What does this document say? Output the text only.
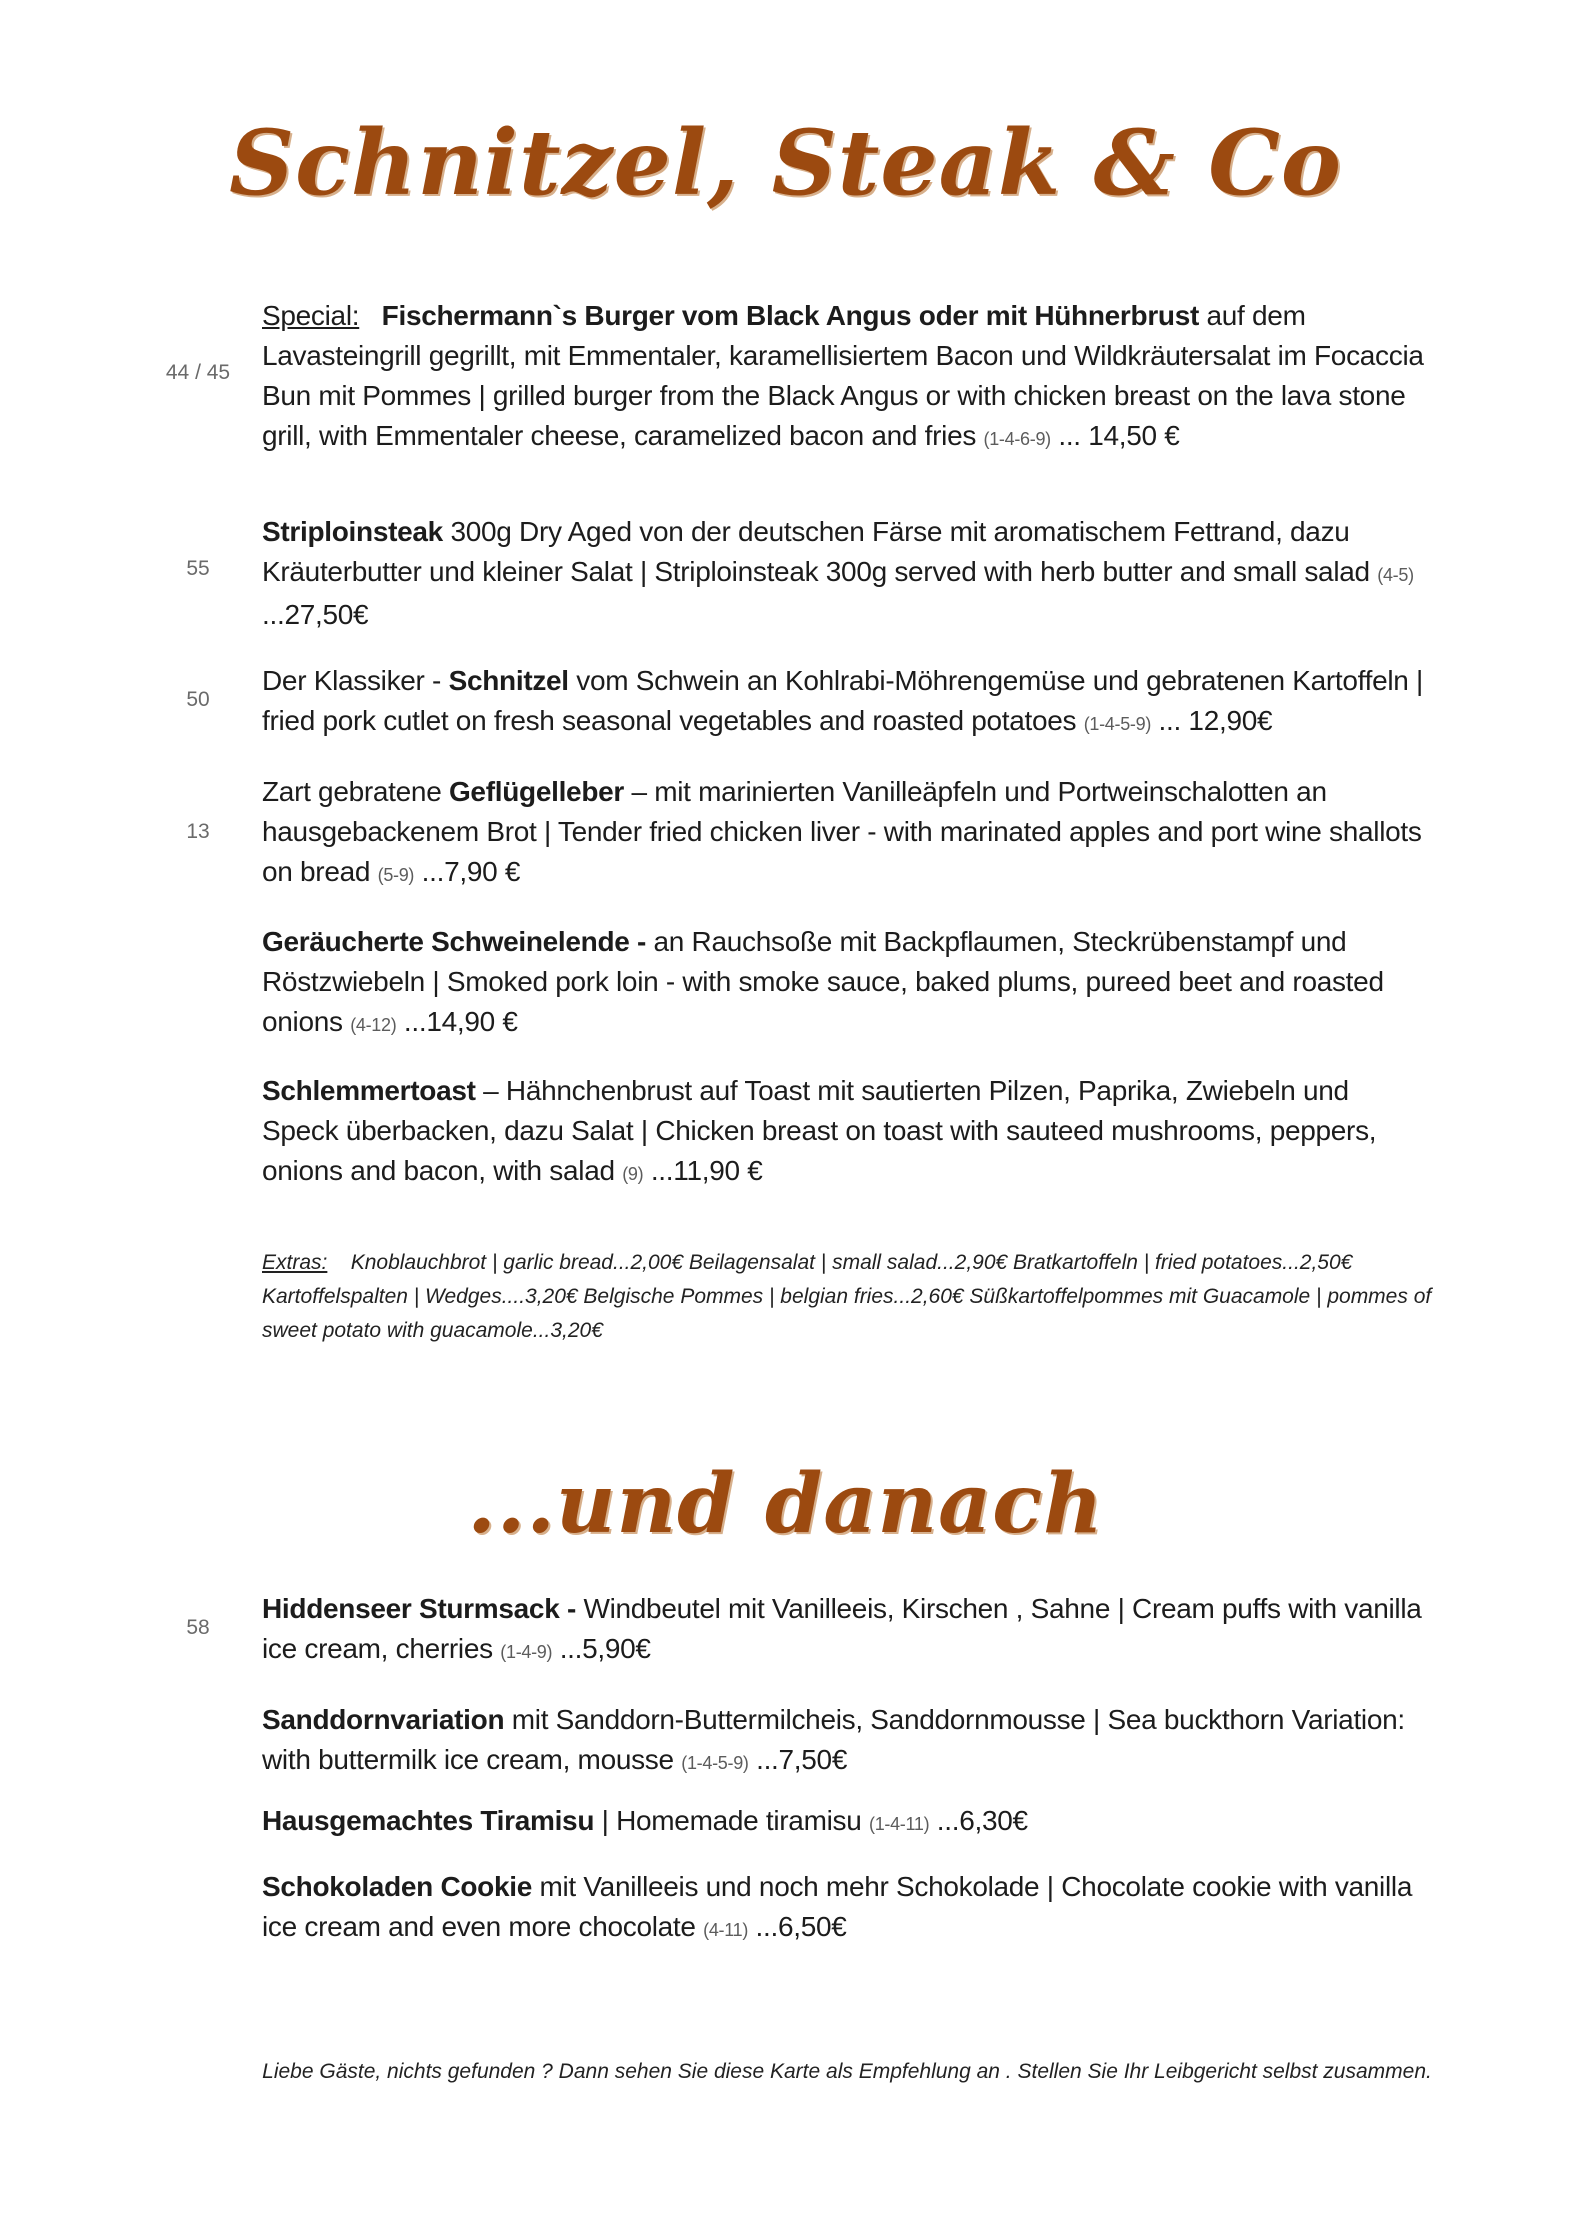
Schnitzel, Steak & Co
44 / 45

Special: Fischermann`s Burger vom Black Angus oder mit Hühnerbrust auf dem Lavasteingrill gegrillt, mit Emmentaler, karamellisiertem Bacon und Wildkräutersalat im Focaccia Bun mit Pommes | grilled burger from the Black Angus or with chicken breast on the lava stone grill, with Emmentaler cheese, caramelized bacon and fries (1-4-6-9) ... 14,50 €

55

Striploinsteak 300g Dry Aged von der deutschen Färse mit aromatischem Fettrand, dazu Kräuterbutter und kleiner Salat | Striploinsteak 300g served with herb butter and small salad (4-5) ...27,50€

50

Der Klassiker - Schnitzel vom Schwein an Kohlrabi-Möhrengemüse und gebratenen Kartoffeln | fried pork cutlet on fresh seasonal vegetables and roasted potatoes (1-4-5-9) ... 12,90€

13

Zart gebratene Geflügelleber – mit marinierten Vanilleäpfeln und Portweinschalotten an hausgebackenem Brot | Tender fried chicken liver - with marinated apples and port wine shallots on bread (5-9) ...7,90 €

Geräucherte Schweinelende - an Rauchsoße mit Backpflaumen, Steckrübenstampf und Röstzwiebeln | Smoked pork loin - with smoke sauce, baked plums, pureed beet and roasted onions (4-12) ...14,90 €

Schlemmertoast – Hähnchenbrust auf Toast mit sautierten Pilzen, Paprika, Zwiebeln und Speck überbacken, dazu Salat | Chicken breast on toast with sauteed mushrooms, peppers, onions and bacon, with salad (9) ...11,90 €

Extras: Knoblauchbrot | garlic bread...2,00€ Beilagensalat | small salad...2,90€ Bratkartoffeln | fried potatoes...2,50€ Kartoffelspalten | Wedges....3,20€ Belgische Pommes | belgian fries...2,60€ Süßkartoffelpommes mit Guacamole | pommes of sweet potato with guacamole...3,20€

...und danach
58

Hiddenseer Sturmsack - Windbeutel mit Vanilleeis, Kirschen , Sahne | Cream puffs with vanilla ice cream, cherries (1-4-9) ...5,90€

Sanddornvariation mit Sanddorn-Buttermilcheis, Sanddornmousse | Sea buckthorn Variation: with buttermilk ice cream, mousse (1-4-5-9) ...7,50€

Hausgemachtes Tiramisu | Homemade tiramisu (1-4-11) ...6,30€

Schokoladen Cookie mit Vanilleeis und noch mehr Schokolade | Chocolate cookie with vanilla ice cream and even more chocolate (4-11) ...6,50€

Liebe Gäste, nichts gefunden ? Dann sehen Sie diese Karte als Empfehlung an . Stellen Sie Ihr Leibgericht selbst zusammen.
